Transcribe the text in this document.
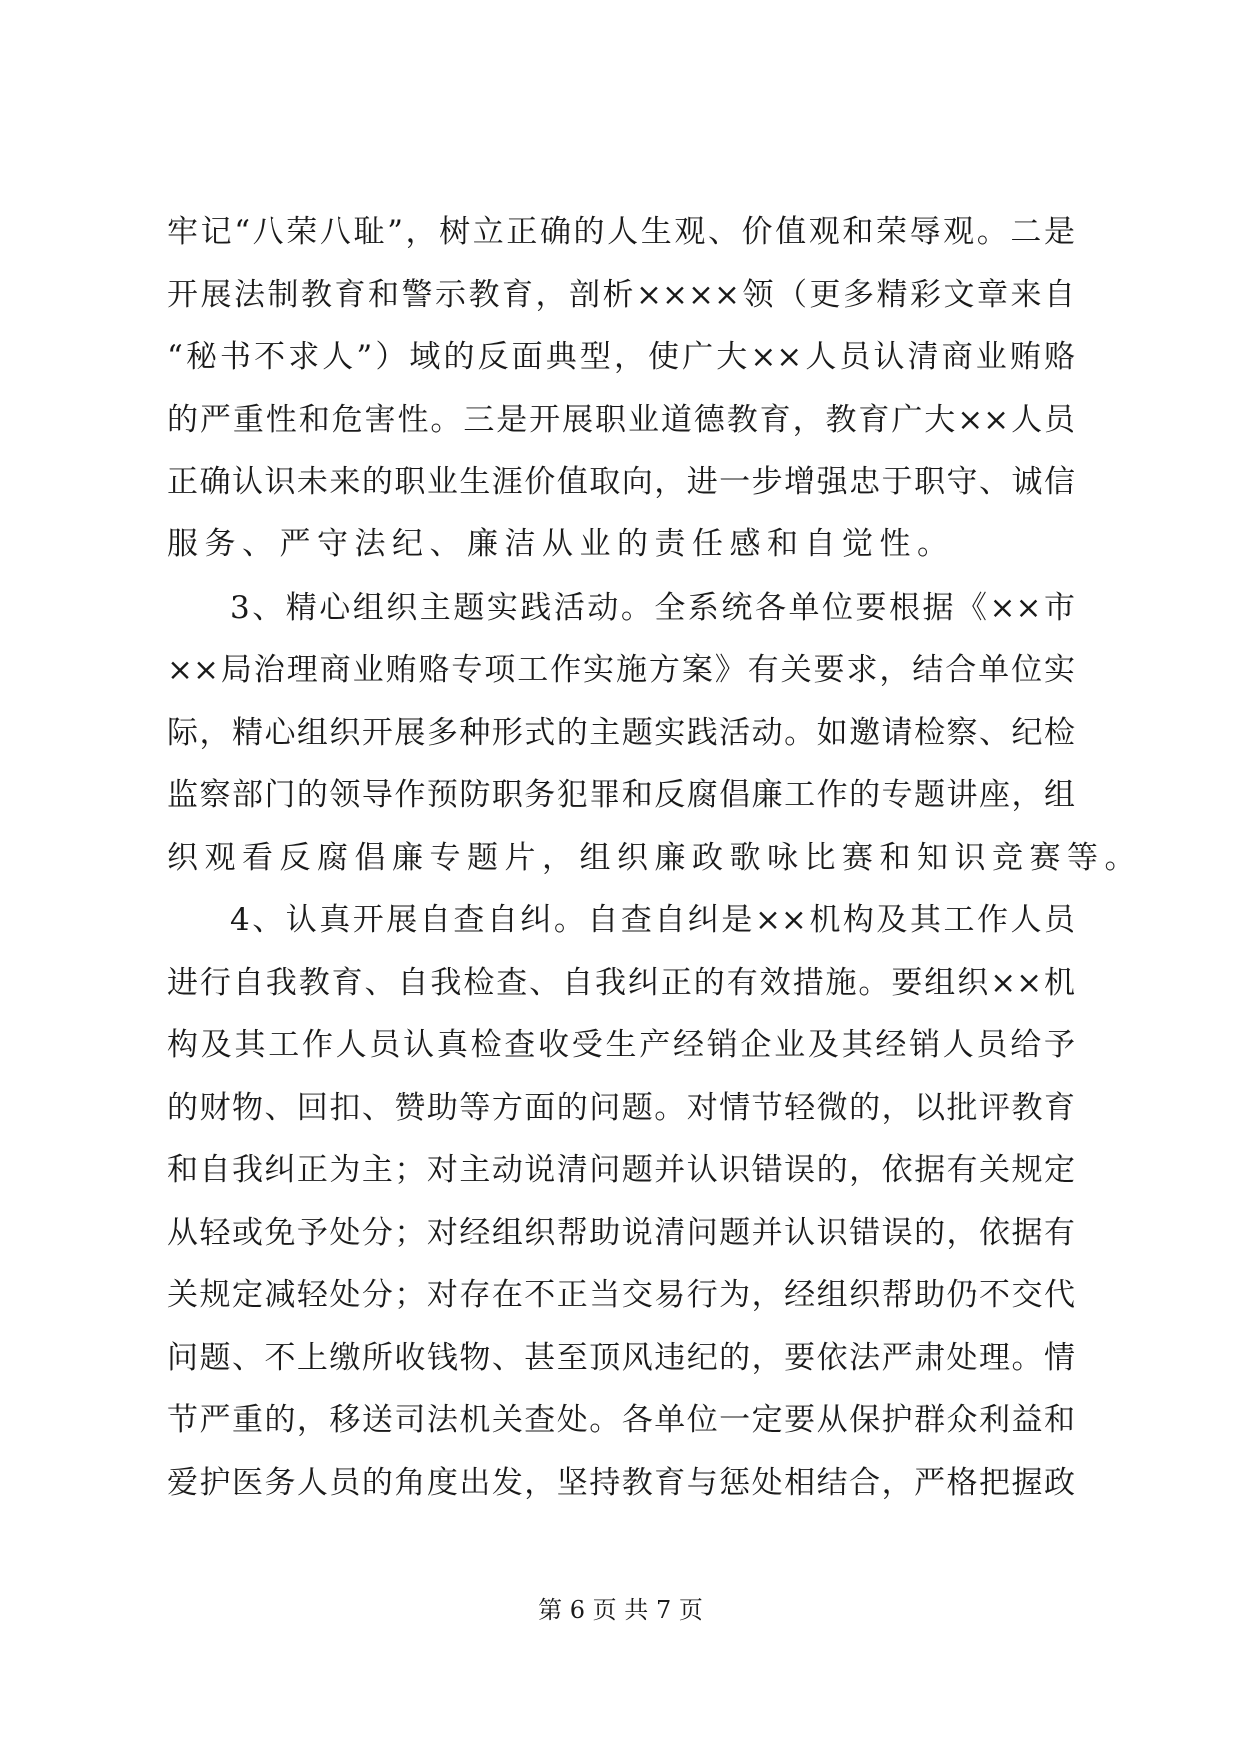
牢记“八荣八耻”，树立正确的人生观、价值观和荣辱观。二是
开展法制教育和警示教育，剖析××××领（更多精彩文章来自
“秘书不求人”）域的反面典型，使广大××人员认清商业贿赂
的严重性和危害性。三是开展职业道德教育，教育广大××人员
正确认识未来的职业生涯价值取向，进一步增强忠于职守、诚信
服务、严守法纪、廉洁从业的责任感和自觉性。
3、精心组织主题实践活动。全系统各单位要根据《××市
××局治理商业贿赂专项工作实施方案》有关要求，结合单位实
际，精心组织开展多种形式的主题实践活动。如邀请检察、纪检
监察部门的领导作预防职务犯罪和反腐倡廉工作的专题讲座，组
织观看反腐倡廉专题片，组织廉政歌咏比赛和知识竞赛等。
4、认真开展自查自纠。自查自纠是××机构及其工作人员
进行自我教育、自我检查、自我纠正的有效措施。要组织××机
构及其工作人员认真检查收受生产经销企业及其经销人员给予
的财物、回扣、赞助等方面的问题。对情节轻微的，以批评教育
和自我纠正为主；对主动说清问题并认识错误的，依据有关规定
从轻或免予处分；对经组织帮助说清问题并认识错误的，依据有
关规定减轻处分；对存在不正当交易行为，经组织帮助仍不交代
问题、不上缴所收钱物、甚至顶风违纪的，要依法严肃处理。情
节严重的，移送司法机关查处。各单位一定要从保护群众利益和
爱护医务人员的角度出发，坚持教育与惩处相结合，严格把握政
第 6 页 共 7 页
